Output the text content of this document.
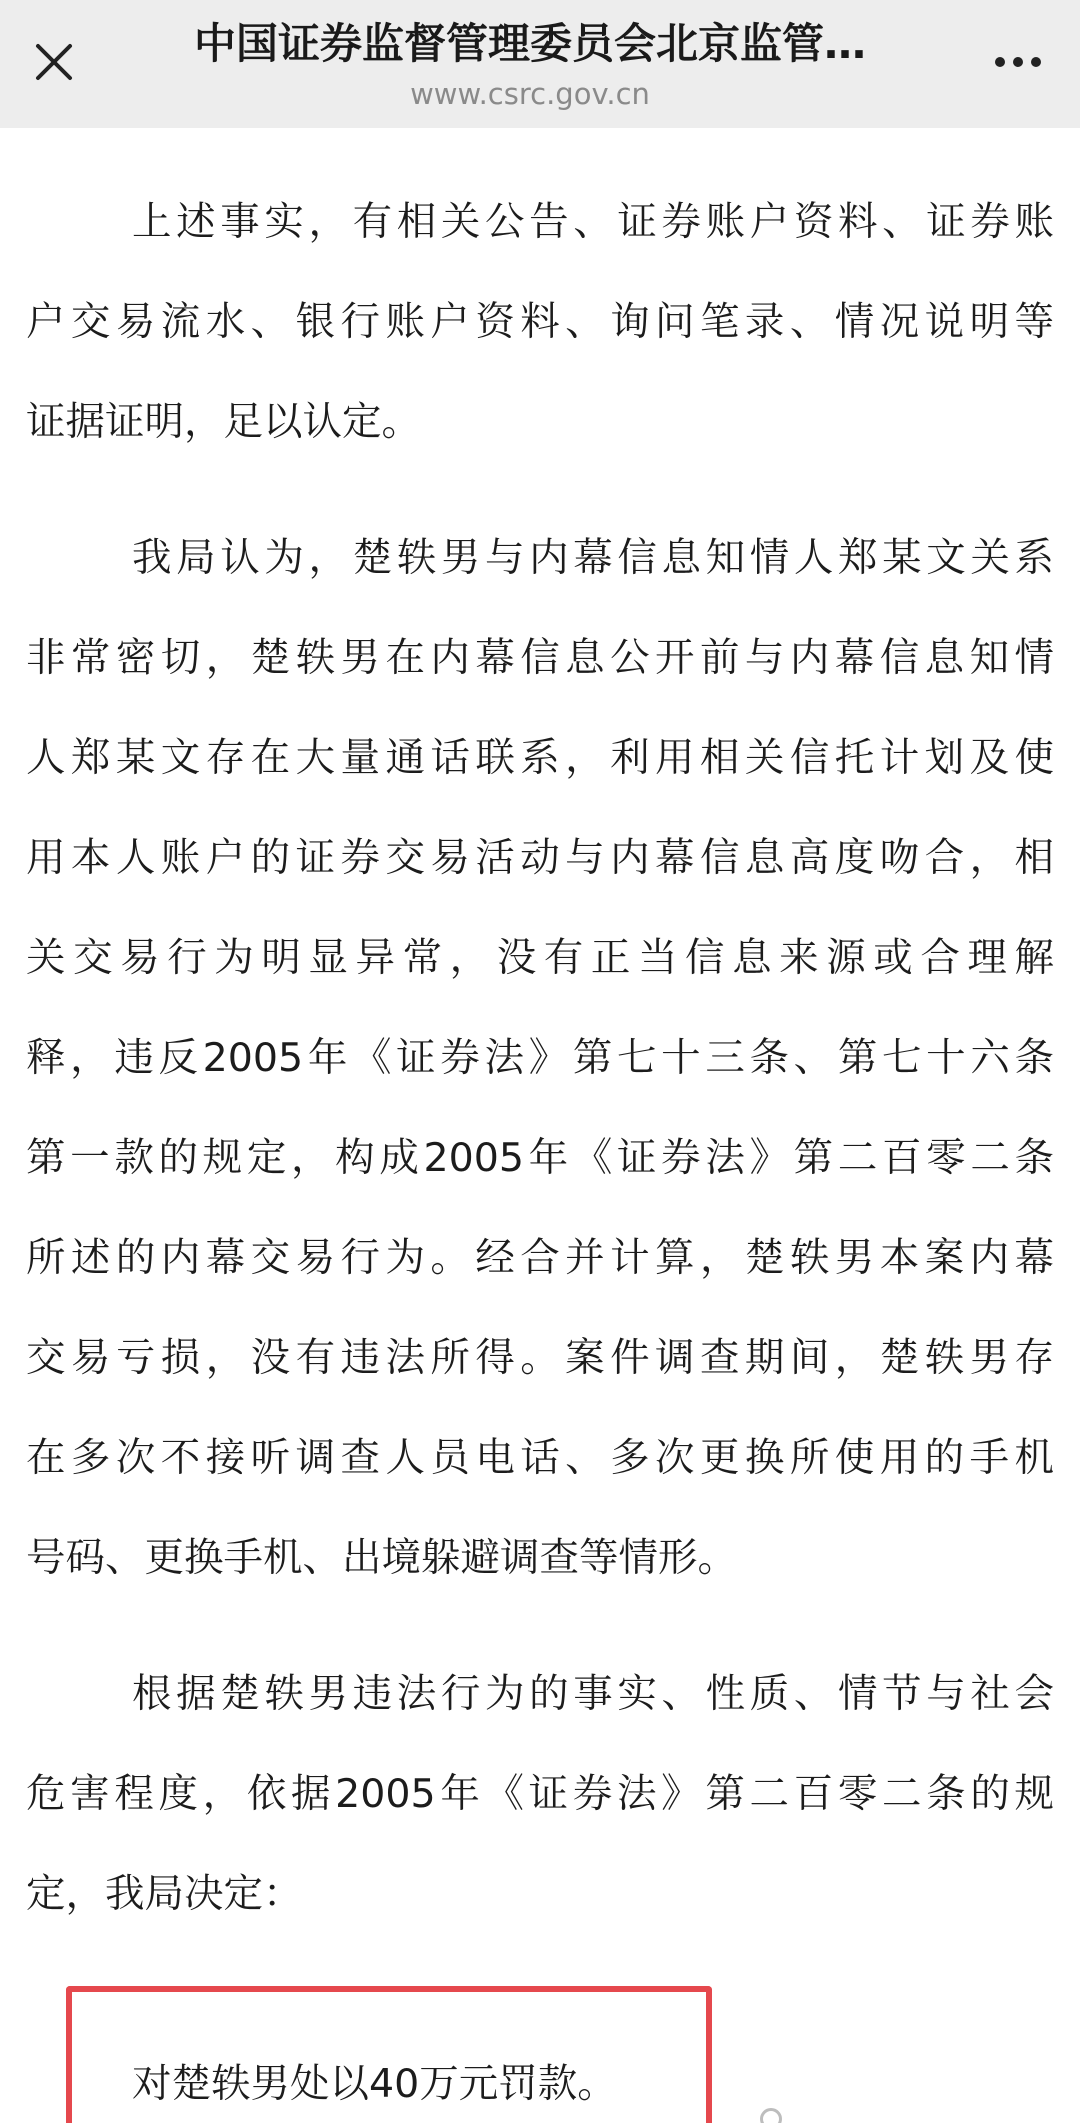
中国证券监督管理委员会北京监管…
www.csrc.gov.cn
上述事实，有相关公告、证券账户资料、证券账
户交易流水、银行账户资料、询问笔录、情况说明等
证据证明，足以认定。
我局认为，楚轶男与内幕信息知情人郑某文关系
非常密切，楚轶男在内幕信息公开前与内幕信息知情
人郑某文存在大量通话联系，利用相关信托计划及使
用本人账户的证券交易活动与内幕信息高度吻合，相
关交易行为明显异常，没有正当信息来源或合理解
释，违反2005年《证券法》第七十三条、第七十六条
第一款的规定，构成2005年《证券法》第二百零二条
所述的内幕交易行为。经合并计算，楚轶男本案内幕
交易亏损，没有违法所得。案件调查期间，楚轶男存
在多次不接听调查人员电话、多次更换所使用的手机
号码、更换手机、出境躲避调查等情形。
根据楚轶男违法行为的事实、性质、情节与社会
危害程度，依据2005年《证券法》第二百零二条的规
定，我局决定：
对楚轶男处以40万元罚款。
